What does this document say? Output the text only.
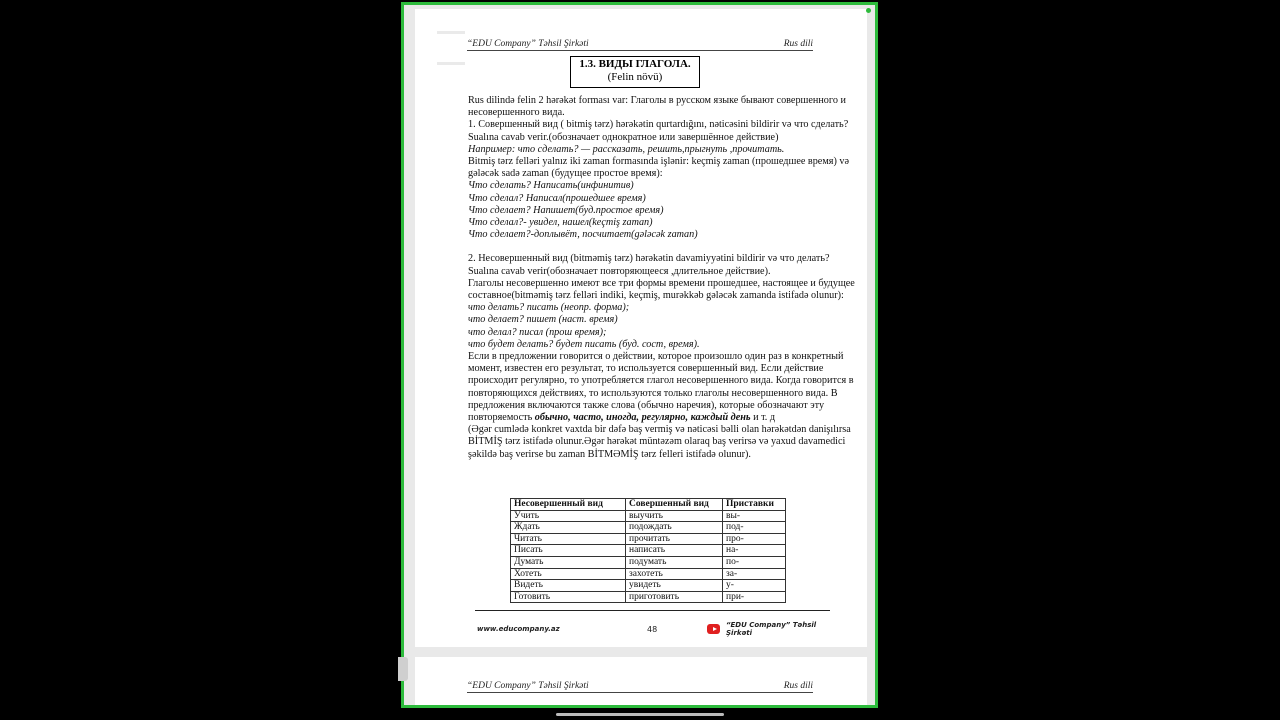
“EDU Company” Təhsil Şirkəti	Rus dili
1.3. ВИДЫ ГЛАГОЛА.
(Felin növü)

Rus dilində felin 2 hərəkət forması var: Глаголы в русском языке бывают совершенного и несовершенного вида.

1. Совершенный вид ( bitmiş tərz) hərəkətin qurtardığını, nəticəsini bildirir və что сделать? Sualına cavab verir.(обозначает однократное или завершённое действие)

Например: что сделать? — рассказать, решить,прыгнуть ,прочитать.

Bitmiş tərz felləri yalnız iki zaman formasında işlənir: keçmiş zaman (прошедшее время) və gələcək sadə zaman (будущее простое время):

Что сделать? Написать(инфинитив)

Что сделал? Написал(прошедшее время)

Что сделает? Напишет(буд.простое время)

Что сделал?- увидел, нашел(keçmiş zaman)

Что сделает?-доплывёт, посчитает(gələcək zaman)

2. Несовершенный вид (bitməmiş tərz) hərəkətin davamiyyətini bildirir və что делать? Sualına cavab verir(обозначает повторяющееся ,длительное действие).

Глаголы несовершенно имеют все три формы времени прошедшее, настоящее и будущее составное(bitməmiş tərz felləri indiki, keçmiş, murəkkəb gələcək zamanda istifadə olunur):

что делать? писать (неопр. форма);

что делает? пишет (наст. время)

что делал? писал (прош время);

что будет делать? будет писать (буд. сост, время).

Если в предложении говорится о действии, которое произошло один раз в конкретный момент, известен его результат, то используется совершенный вид. Если действие происходит регулярно, то употребляется глагол несовершенного вида. Когда говорится в повторяющихся действиях, то используются только глаголы несовершенного вида. В предложения включаются также слова (обычно наречия), которые обозначают эту повторяемость обычно, часто, иногда, регулярно, каждый день и т. д

(Əgər cumlədə konkret vaxtda bir dəfə baş vermiş və nəticəsi bəlli olan hərəkətdən danişılırsa BİTMİŞ tərz istifadə olunur.Əgər hərəkət müntəzəm olaraq baş verirsə və yaxud davamedici şəkildə baş verirse bu zaman BİTMƏMİŞ tərz felleri istifadə olunur).

Несовершенный вид	Совершенный вид	Приставки
Учить	выучить	вы-
Ждать	подождать	под-
Читать	прочитать	про-
Писать	написать	на-
Думать	подумать	по-
Хотеть	захотеть	за-
Видеть	увидеть	у-
Готовить	приготовить	при-
www.educompany.az	48	“EDU Company” Təhsil Şirkəti
“EDU Company” Təhsil Şirkəti	Rus dili
